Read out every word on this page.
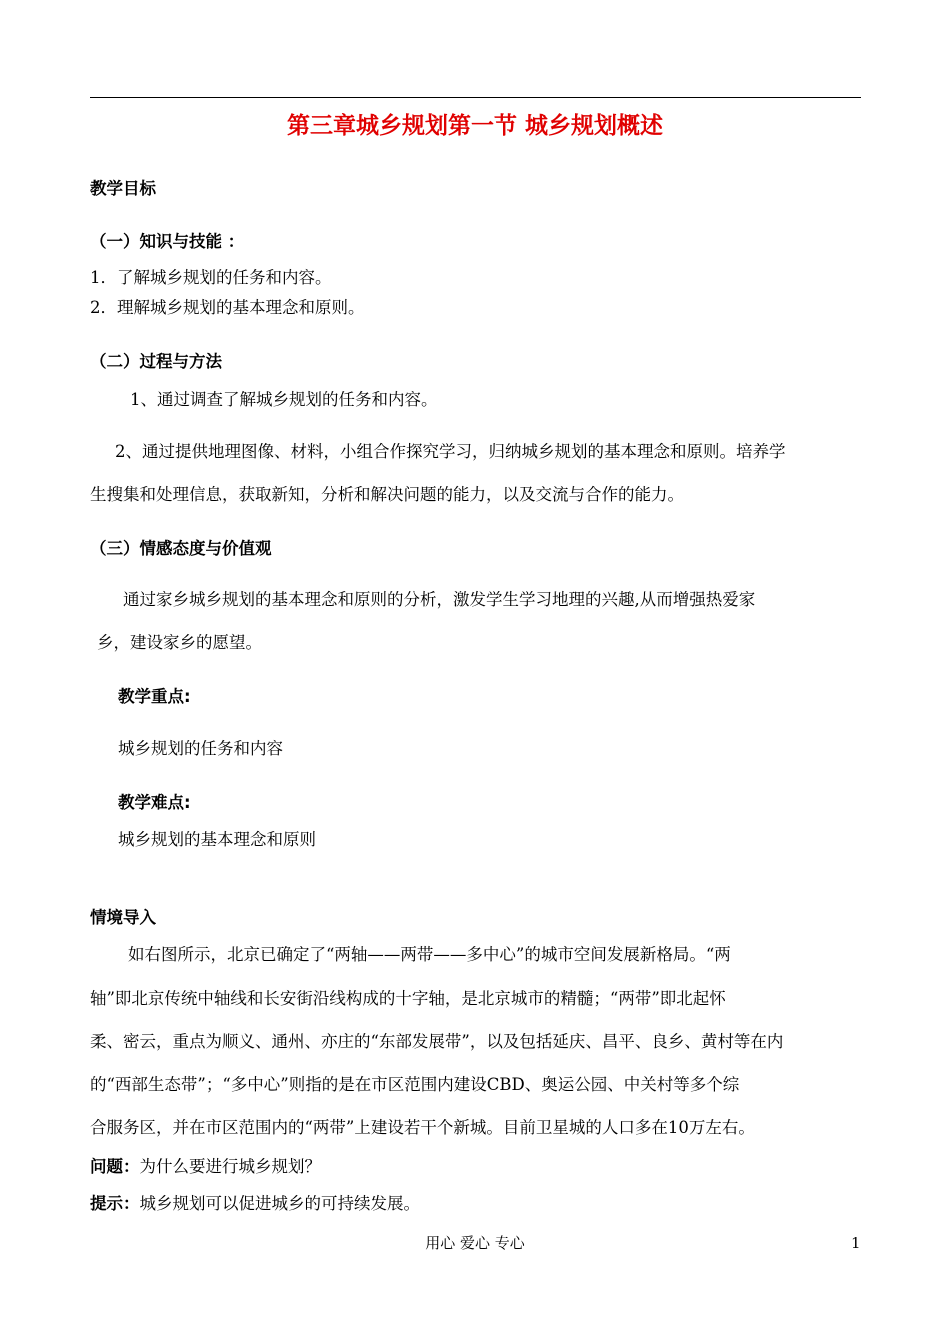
第三章城乡规划第一节 城乡规划概述
教学目标
（一）知识与技能 ：
1．了解城乡规划的任务和内容。
2．理解城乡规划的基本理念和原则。
（二）过程与方法
1、通过调查了解城乡规划的任务和内容。
2、通过提供地理图像、材料，小组合作探究学习，归纳城乡规划的基本理念和原则。培养学
生搜集和处理信息，获取新知，分析和解决问题的能力，以及交流与合作的能力。
（三）情感态度与价值观
通过家乡城乡规划的基本理念和原则的分析，激发学生学习地理的兴趣,从而增强热爱家
乡，建设家乡的愿望。
教学重点:
城乡规划的任务和内容
教学难点:
城乡规划的基本理念和原则
情境导入
如右图所示，北京已确定了“两轴——两带——多中心”的城市空间发展新格局。“两
轴”即北京传统中轴线和长安街沿线构成的十字轴，是北京城市的精髓；“两带”即北起怀
柔、密云，重点为顺义、通州、亦庄的“东部发展带”，以及包括延庆、昌平、良乡、黄村等在内
的“西部生态带”；“多中心”则指的是在市区范围内建设CBD、奥运公园、中关村等多个综
合服务区，并在市区范围内的“两带”上建设若干个新城。目前卫星城的人口多在10万左右。
问题：为什么要进行城乡规划？
提示：城乡规划可以促进城乡的可持续发展。
用心 爱心 专心	1
